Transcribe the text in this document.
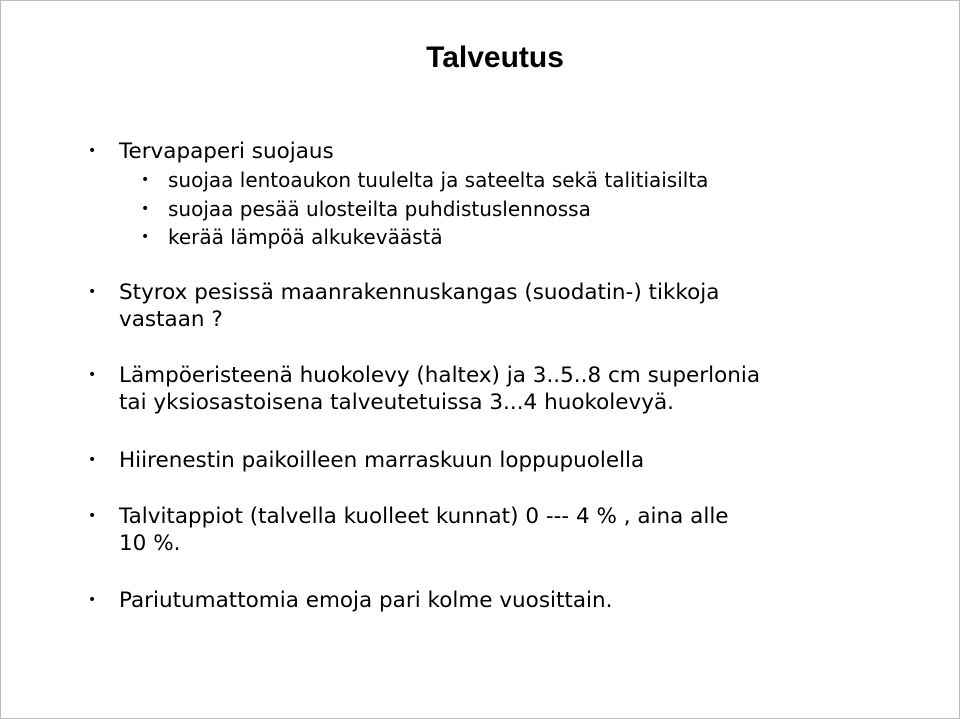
Talveutus
• Tervapaperi suojaus
• suojaa lentoaukon tuulelta ja sateelta sekä talitiaisilta
• suojaa pesää ulosteilta puhdistuslennossa
• kerää lämpöä alkukeväästä
• Styrox pesissä maanrakennuskangas (suodatin-) tikkoja
vastaan ?
• Lämpöeristeenä huokolevy (haltex) ja 3..5..8 cm superlonia
tai yksiosastoisena talveutetuissa 3...4 huokolevyä.
• Hiirenestin paikoilleen marraskuun loppupuolella
• Talvitappiot (talvella kuolleet kunnat) 0 --- 4 % , aina alle
10 %.
• Pariutumattomia emoja pari kolme vuosittain.
